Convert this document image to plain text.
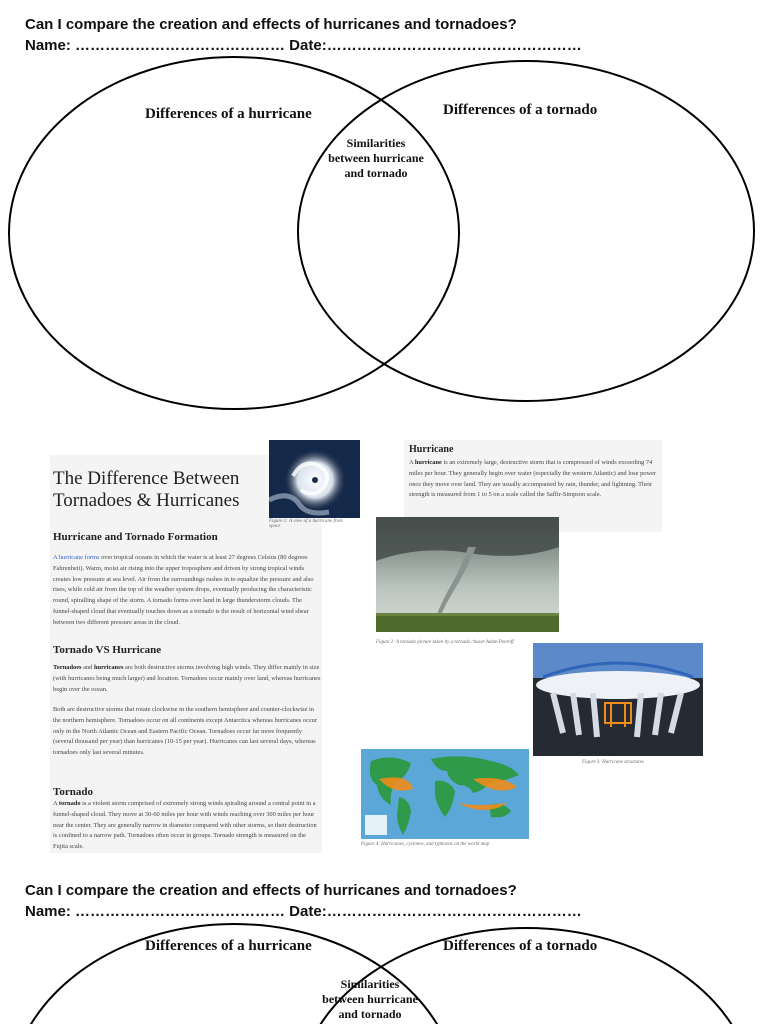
Can I compare the creation and effects of hurricanes and tornadoes?
Name: …………………………………… Date:……………………………………………
Differences of a hurricane	Differences of a tornado
Similarities
between hurricane
and tornado
The Difference Between
Tornadoes & Hurricanes
Figure 1: A view of a hurricane from
space
Hurricane and Tornado Formation
A hurricane forms over tropical oceans in which the water is at least 27 degrees Celsius (80 degrees Fahrenheit). Warm, moist air rising into the upper troposphere and driven by strong tropical winds creates low pressure at sea level. Air from the surroundings rushes in to equalize the pressure and also rises, while cold air from the top of the weather system drops, eventually producing the characteristic round, spiralling shape of the storm. A tornado forms over land in large thunderstorm clouds. The funnel-shaped cloud that eventually touches down as a tornado is the result of horizontal wind shear between two different pressure areas in the cloud.
Tornado VS Hurricane
Tornadoes and hurricanes are both destructive storms involving high winds. They differ mainly in size (with hurricanes being much larger) and location. Tornadoes occur mainly over land, whereas hurricanes begin over the ocean.
Both are destructive storms that rotate clockwise in the southern hemisphere and counter-clockwise in the northern hemisphere. Tornadoes occur on all continents except Antarctica whereas hurricanes occur only in the North Atlantic Ocean and Eastern Pacific Ocean. Tornadoes occur far more frequently (several thousand per year) than hurricanes (10-15 per year). Hurricanes can last several days, whereas tornadoes only last several minutes.
Tornado
A tornado is a violent storm comprised of extremely strong winds spiraling around a central point in a funnel-shaped cloud. They move at 30-60 miles per hour with winds reaching over 300 miles per hour near the center. They are generally narrow in diameter compared with other storms, so their destruction is confined to a narrow path. Tornadoes often occur in groups. Tornado strength is measured on the Fujita scale.
Hurricane
A hurricane is an extremely large, destructive storm that is compressed of winds exceeding 74 miles per hour. They generally begin over water (especially the western Atlantic) and lose power once they move over land. They are usually accompanied by rain, thunder, and lightning. Their strength is measured from 1 to 5 on a scale called the Saffir-Simpson scale.
Figure 2: A tornado picture taken by a tornado chaser Adam Penroff
Figure 3: Hurricane structures
Figure 4: Hurricanes, cyclones, and typhoons on the world map
Can I compare the creation and effects of hurricanes and tornadoes?
Name: …………………………………… Date:……………………………………………
Differences of a hurricane	Differences of a tornado
Similarities
between hurricane
and tornado
